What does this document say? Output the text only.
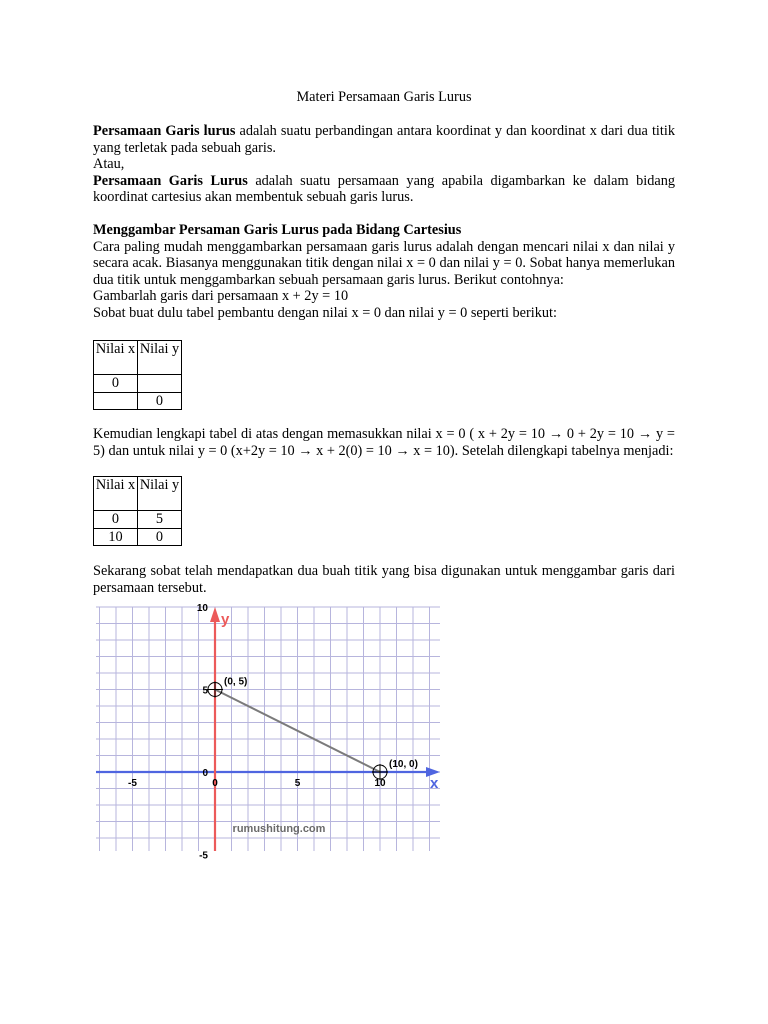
Materi Persamaan Garis Lurus

Persamaan Garis lurus adalah suatu perbandingan antara koordinat y dan koordinat x dari dua titik yang terletak pada sebuah garis.

Atau,

Persamaan Garis Lurus adalah suatu persamaan yang apabila digambarkan ke dalam bidang koordinat cartesius akan membentuk sebuah garis lurus.

Menggambar Persaman Garis Lurus pada Bidang Cartesius

Cara paling mudah menggambarkan persamaan garis lurus adalah dengan mencari nilai x dan nilai y secara acak. Biasanya menggunakan titik dengan nilai x = 0 dan nilai y = 0. Sobat hanya memerlukan dua titik untuk menggambarkan sebuah persamaan garis lurus. Berikut contohnya:

Gambarlah garis dari persamaan x + 2y = 10

Sobat buat dulu tabel pembantu dengan nilai x = 0 dan nilai y = 0 seperti berikut:

Nilai x	Nilai y
0	
	0

Kemudian lengkapi tabel di atas dengan memasukkan nilai x = 0 ( x + 2y = 10 → 0 + 2y = 10 → y = 5) dan untuk nilai y = 0 (x+2y = 10 → x + 2(0) = 10 → x = 10). Setelah dilengkapi tabelnya menjadi:

Nilai x	Nilai y
0	5
10	0

Sekarang sobat telah mendapatkan dua buah titik yang bisa digunakan untuk menggambar garis dari persamaan tersebut.

x
y
-5	0	5	10
10
5
0
-5
(0, 5)
(10, 0)
rumushitung.com
